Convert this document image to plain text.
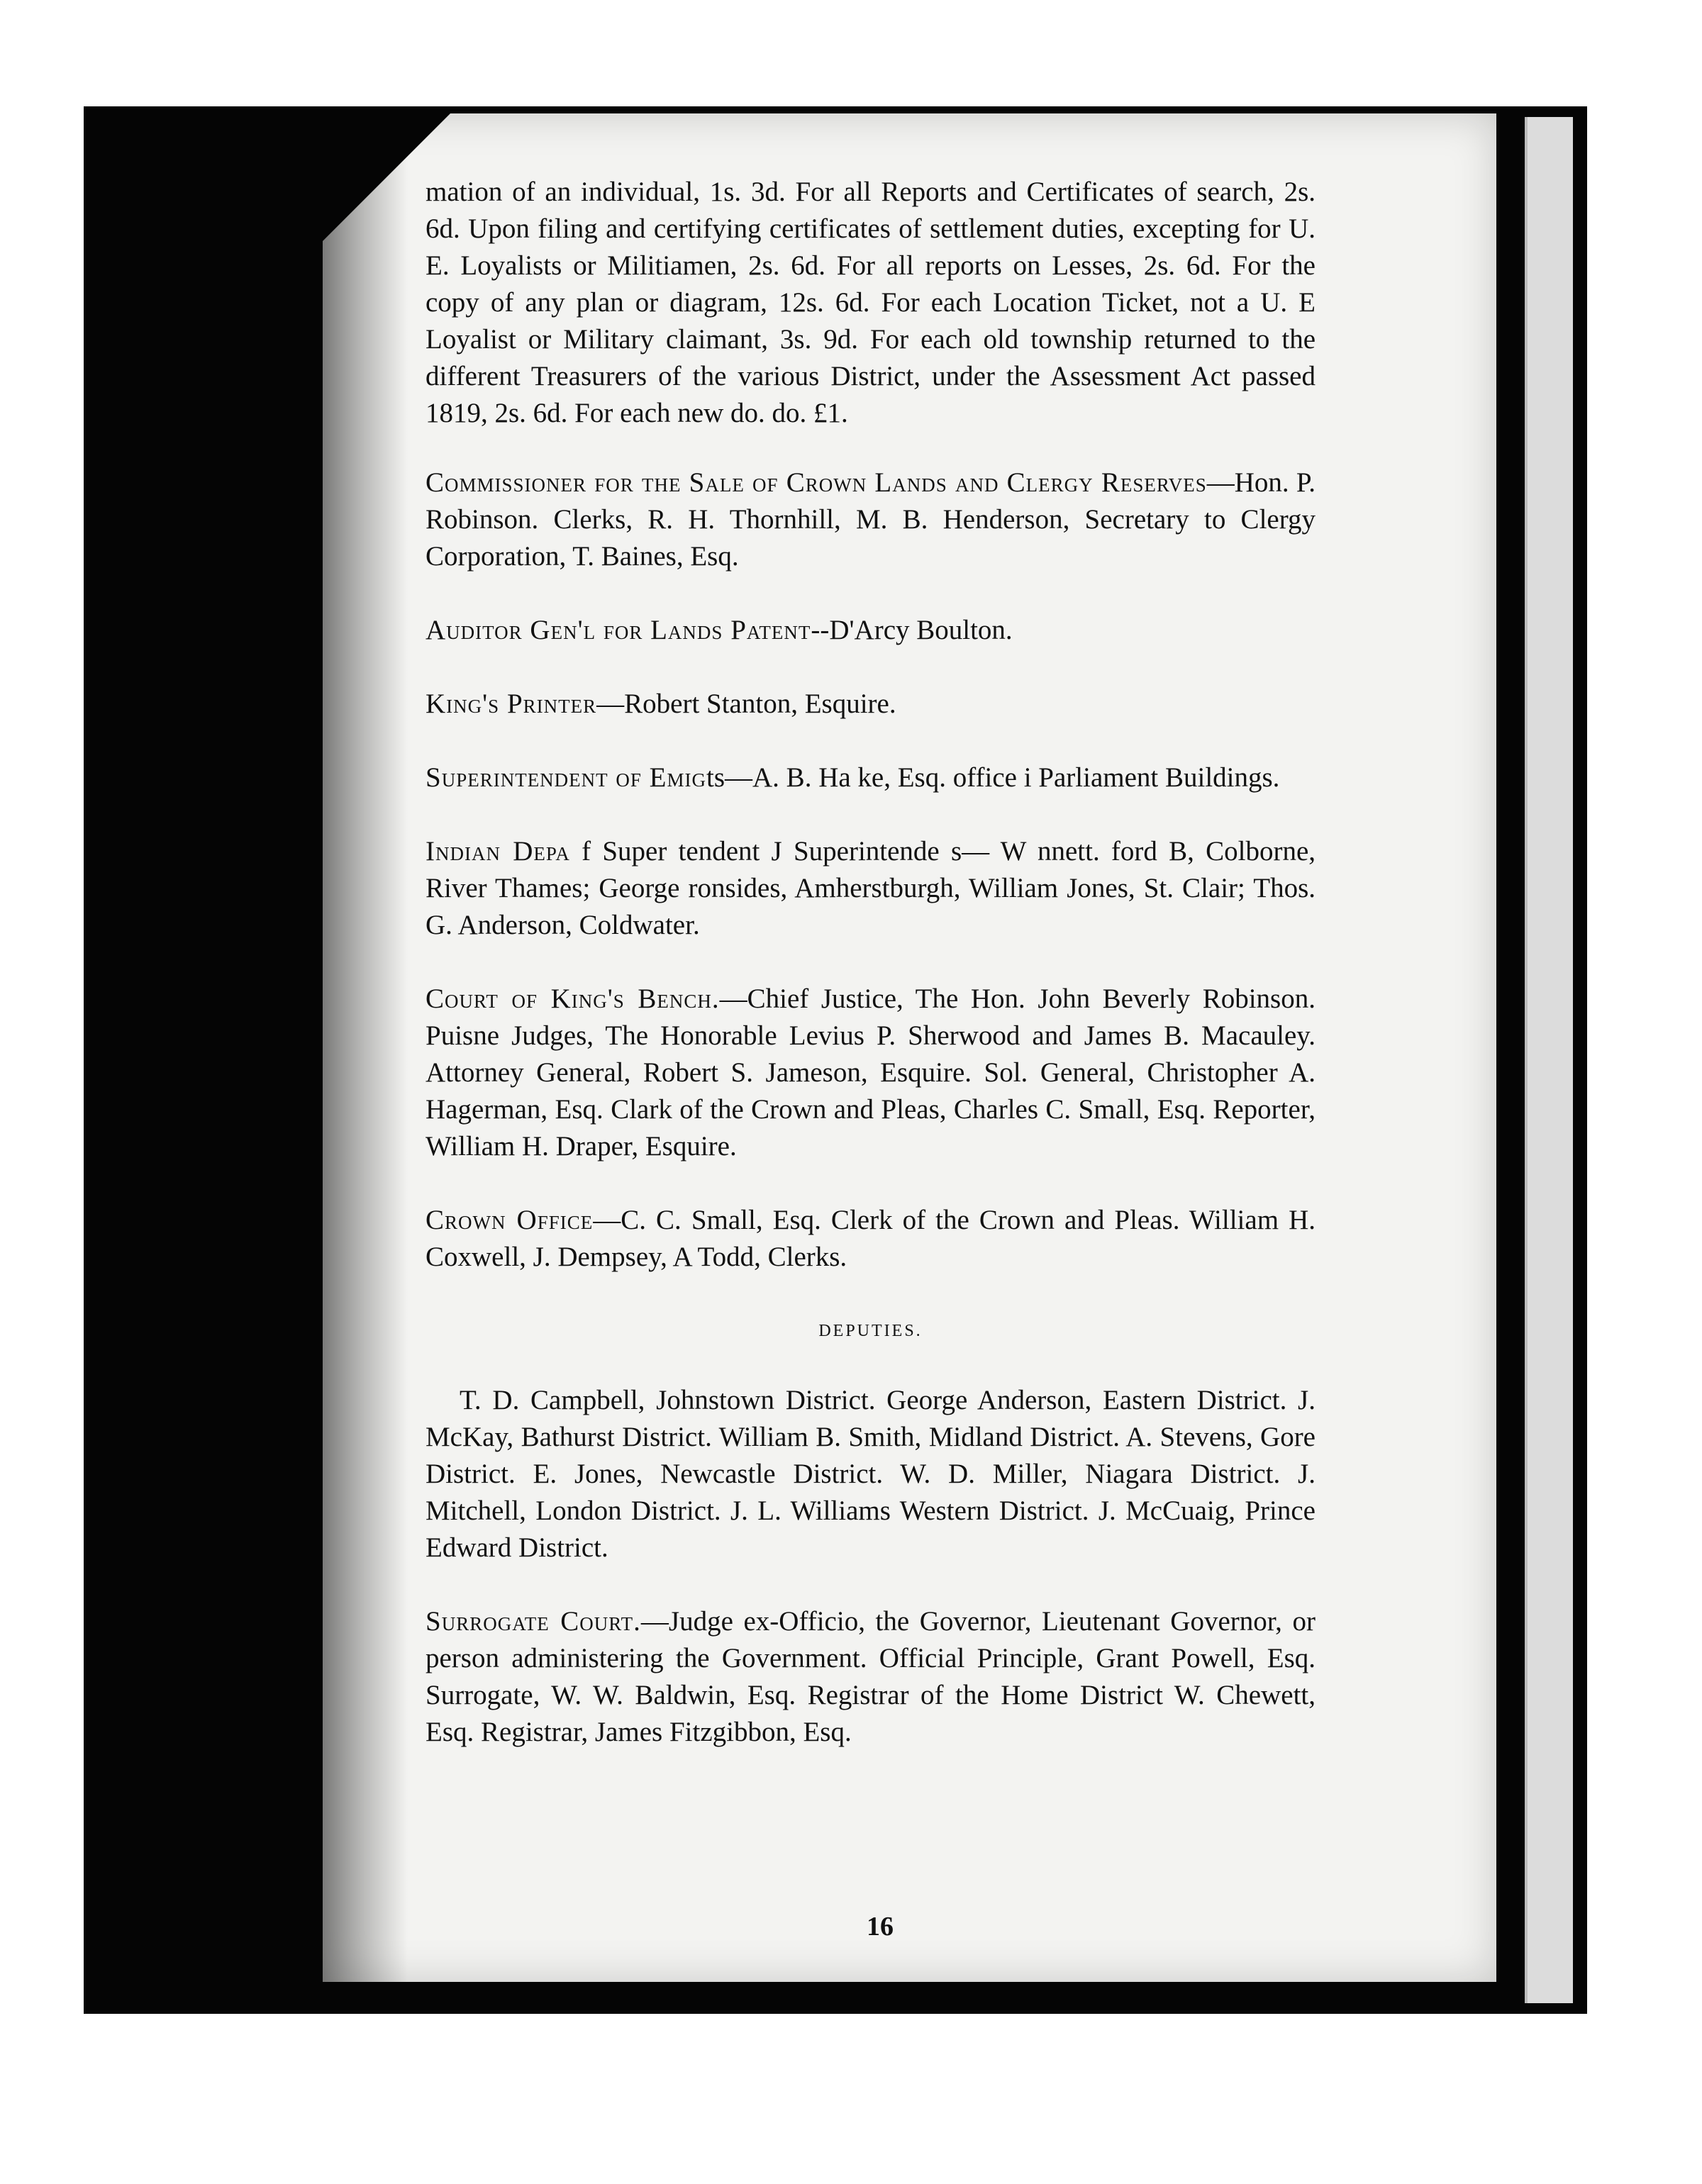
mation of an individual, 1s. 3d. For all Reports and Certificates of search, 2s. 6d. Upon filing and certifying certificates of settlement duties, excepting for U. E. Loyalists or Militiamen, 2s. 6d. For all reports on Lesses, 2s. 6d. For the copy of any plan or diagram, 12s. 6d. For each Location Ticket, not a U. E Loyalist or Military claimant, 3s. 9d. For each old township returned to the different Treasurers of the various District, under the Assessment Act passed 1819, 2s. 6d. For each new do. do. £1.

Commissioner for the Sale of Crown Lands and Clergy Reserves—Hon. P. Robinson. Clerks, R. H. Thornhill, M. B. Henderson, Secretary to Clergy Corporation, T. Baines, Esq.

Auditor Gen'l for Lands Patent--D'Arcy Boulton.

King's Printer—Robert Stanton, Esquire.

Superintendent of Emigts—A. B. Ha ke, Esq. office i Parliament Buildings.

Indian Depa f Super tendent J Superintende s— W nnett. ford B, Colborne, River Thames; George ronsides, Amherstburgh, William Jones, St. Clair; Thos. G. Anderson, Coldwater.

Court of King's Bench.—Chief Justice, The Hon. John Beverly Robinson. Puisne Judges, The Honorable Levius P. Sherwood and James B. Macauley. Attorney General, Robert S. Jameson, Esquire. Sol. General, Christopher A. Hagerman, Esq. Clark of the Crown and Pleas, Charles C. Small, Esq. Reporter, William H. Draper, Esquire.

Crown Office—C. C. Small, Esq. Clerk of the Crown and Pleas. William H. Coxwell, J. Dempsey, A Todd, Clerks.

DEPUTIES.

T. D. Campbell, Johnstown District. George Anderson, Eastern District. J. McKay, Bathurst District. William B. Smith, Midland District. A. Stevens, Gore District. E. Jones, Newcastle District. W. D. Miller, Niagara District. J. Mitchell, London District. J. L. Williams Western District. J. McCuaig, Prince Edward District.

Surrogate Court.—Judge ex-Officio, the Governor, Lieutenant Governor, or person administering the Government. Official Principle, Grant Powell, Esq. Surrogate, W. W. Baldwin, Esq. Registrar of the Home District W. Chewett, Esq. Registrar, James Fitzgibbon, Esq.

16
